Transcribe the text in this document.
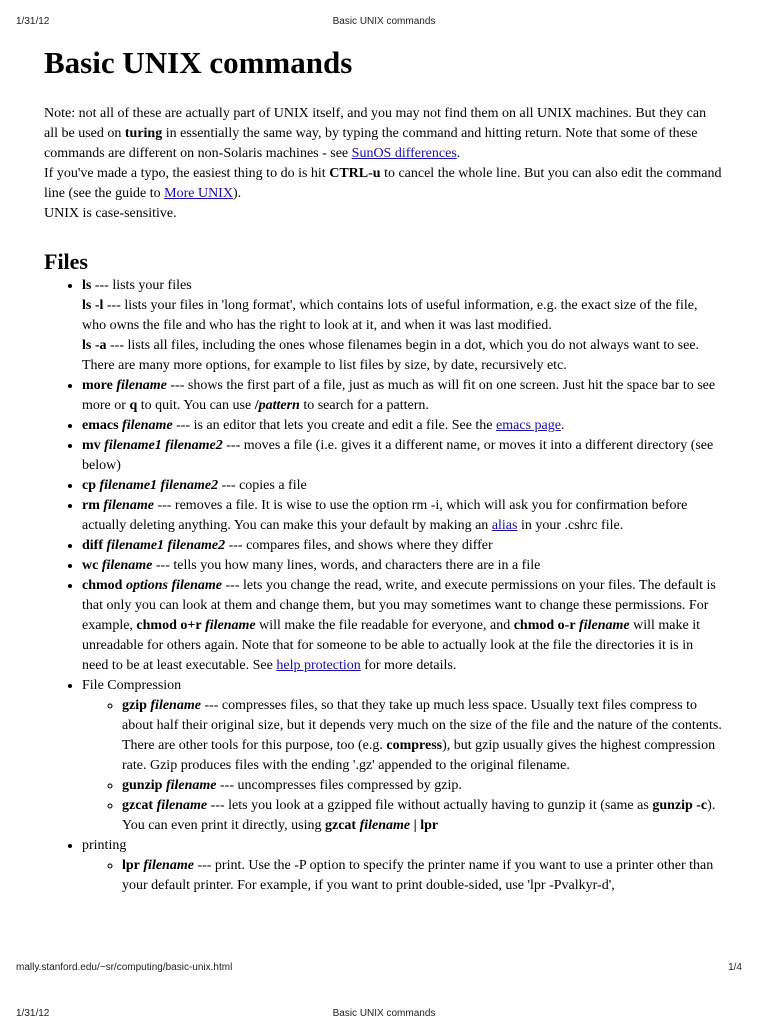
1/31/12	Basic UNIX commands
Basic UNIX commands

Note: not all of these are actually part of UNIX itself, and you may not find them on all UNIX machines. But they can all be used on turing in essentially the same way, by typing the command and hitting return. Note that some of these commands are different on non-Solaris machines - see SunOS differences.

If you've made a typo, the easiest thing to do is hit CTRL-u to cancel the whole line. But you can also edit the command line (see the guide to More UNIX).

UNIX is case-sensitive.

Files
• ls --- lists your files
ls -l --- lists your files in 'long format', which contains lots of useful information, e.g. the exact size of the file, who owns the file and who has the right to look at it, and when it was last modified.
ls -a --- lists all files, including the ones whose filenames begin in a dot, which you do not always want to see.
There are many more options, for example to list files by size, by date, recursively etc.
• more filename --- shows the first part of a file, just as much as will fit on one screen. Just hit the space bar to see more or q to quit. You can use /pattern to search for a pattern.
• emacs filename --- is an editor that lets you create and edit a file. See the emacs page.
• mv filename1 filename2 --- moves a file (i.e. gives it a different name, or moves it into a different directory (see below)
• cp filename1 filename2 --- copies a file
• rm filename --- removes a file. It is wise to use the option rm -i, which will ask you for confirmation before actually deleting anything. You can make this your default by making an alias in your .cshrc file.
• diff filename1 filename2 --- compares files, and shows where they differ
• wc filename --- tells you how many lines, words, and characters there are in a file
• chmod options filename --- lets you change the read, write, and execute permissions on your files. The default is that only you can look at them and change them, but you may sometimes want to change these permissions. For example, chmod o+r filename will make the file readable for everyone, and chmod o-r filename will make it unreadable for others again. Note that for someone to be able to actually look at the file the directories it is in need to be at least executable. See help protection for more details.
• File Compression
◦ gzip filename --- compresses files, so that they take up much less space. Usually text files compress to about half their original size, but it depends very much on the size of the file and the nature of the contents. There are other tools for this purpose, too (e.g. compress), but gzip usually gives the highest compression rate. Gzip produces files with the ending '.gz' appended to the original filename.
◦ gunzip filename --- uncompresses files compressed by gzip.
◦ gzcat filename --- lets you look at a gzipped file without actually having to gunzip it (same as gunzip -c). You can even print it directly, using gzcat filename | lpr
• printing
◦ lpr filename --- print. Use the -P option to specify the printer name if you want to use a printer other than your default printer. For example, if you want to print double-sided, use 'lpr -Pvalkyr-d',
mally.stanford.edu/~sr/computing/basic-unix.html	1/4
1/31/12	Basic UNIX commands
